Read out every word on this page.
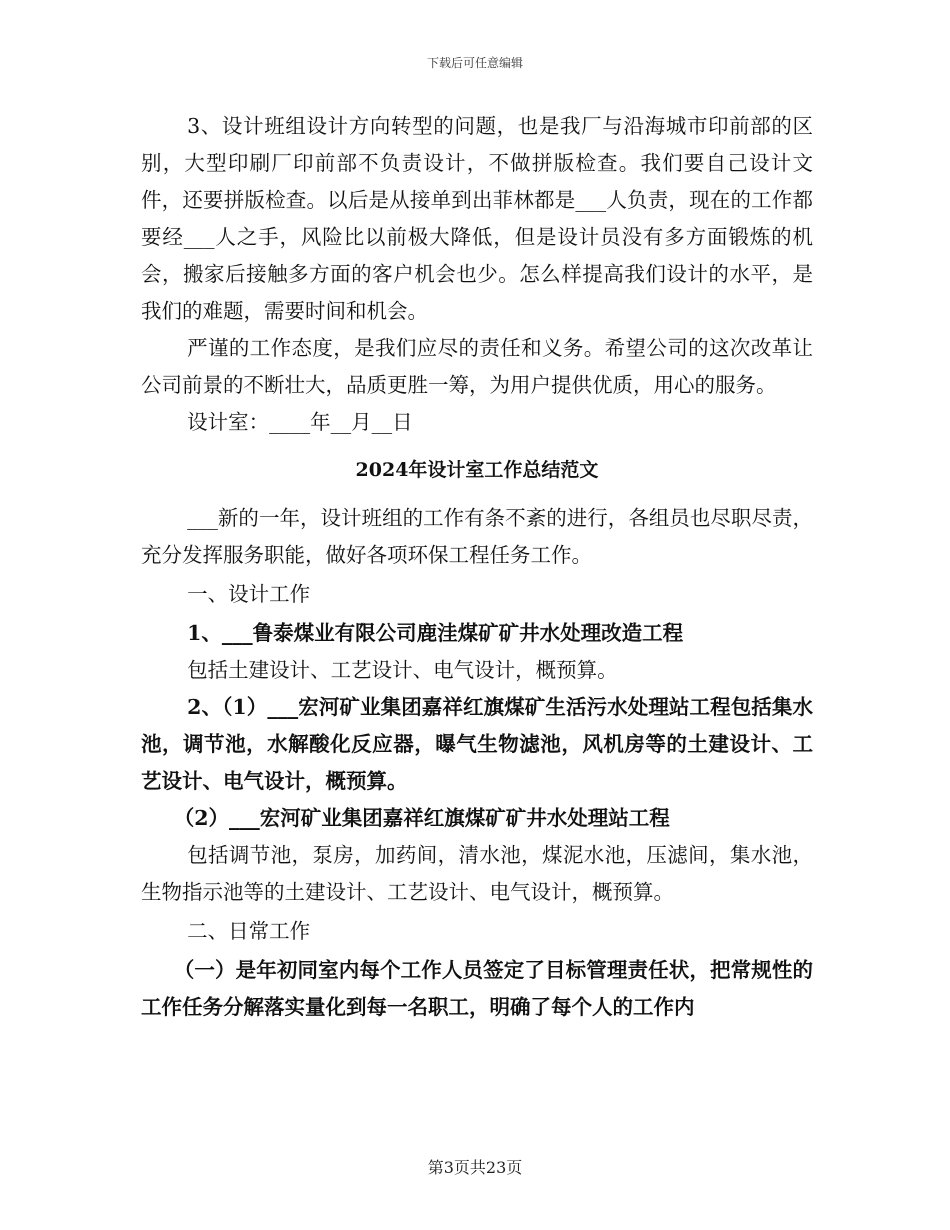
下载后可任意编辑

3、设计班组设计方向转型的问题，也是我厂与沿海城市印前部的区别，大型印刷厂印前部不负责设计，不做拼版检查。我们要自己设计文件，还要拼版检查。以后是从接单到出菲林都是___人负责，现在的工作都要经___人之手，风险比以前极大降低，但是设计员没有多方面锻炼的机会，搬家后接触多方面的客户机会也少。怎么样提高我们设计的水平，是我们的难题，需要时间和机会。

严谨的工作态度，是我们应尽的责任和义务。希望公司的这次改革让公司前景的不断壮大，品质更胜一筹，为用户提供优质，用心的服务。

设计室：____年__月__日

2024年设计室工作总结范文

___新的一年，设计班组的工作有条不紊的进行，各组员也尽职尽责，充分发挥服务职能，做好各项环保工程任务工作。

一、设计工作

1、___鲁泰煤业有限公司鹿洼煤矿矿井水处理改造工程

包括土建设计、工艺设计、电气设计，概预算。

2、（1）___宏河矿业集团嘉祥红旗煤矿生活污水处理站工程包括集水池，调节池，水解酸化反应器，曝气生物滤池，风机房等的土建设计、工艺设计、电气设计，概预算。

（2）___宏河矿业集团嘉祥红旗煤矿矿井水处理站工程

包括调节池，泵房，加药间，清水池，煤泥水池，压滤间，集水池，生物指示池等的土建设计、工艺设计、电气设计，概预算。

二、日常工作

（一）是年初同室内每个工作人员签定了目标管理责任状，把常规性的工作任务分解落实量化到每一名职工，明确了每个人的工作内

第3页共23页
